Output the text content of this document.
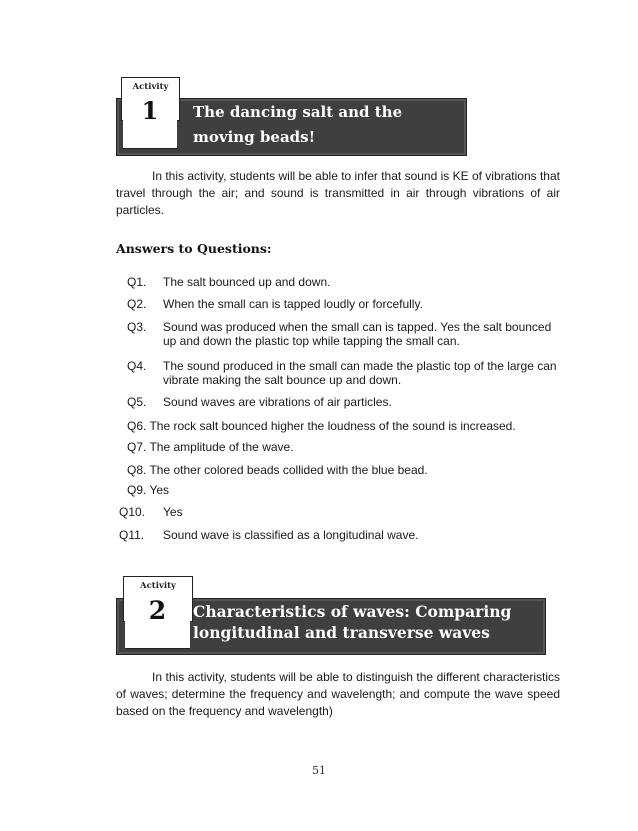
Activity
1	The dancing salt and the
moving beads!
In this activity, students will be able to infer that sound is KE of vibrations that
travel through the air; and sound is transmitted in air through vibrations of air
particles.
Answers to Questions:
Q1. The salt bounced up and down.
Q2. When the small can is tapped loudly or forcefully.
Q3. Sound was produced when the small can is tapped. Yes the salt bounced
up and down the plastic top while tapping the small can.
Q4. The sound produced in the small can made the plastic top of the large can
vibrate making the salt bounce up and down.
Q5. Sound waves are vibrations of air particles.
Q6. The rock salt bounced higher the loudness of the sound is increased.
Q7. The amplitude of the wave.
Q8. The other colored beads collided with the blue bead.
Q9. Yes
Q10. Yes
Q11. Sound wave is classified as a longitudinal wave.
Activity
2	Characteristics of waves: Comparing
longitudinal and transverse waves
In this activity, students will be able to distinguish the different characteristics
of waves; determine the frequency and wavelength; and compute the wave speed
based on the frequency and wavelength)
51
